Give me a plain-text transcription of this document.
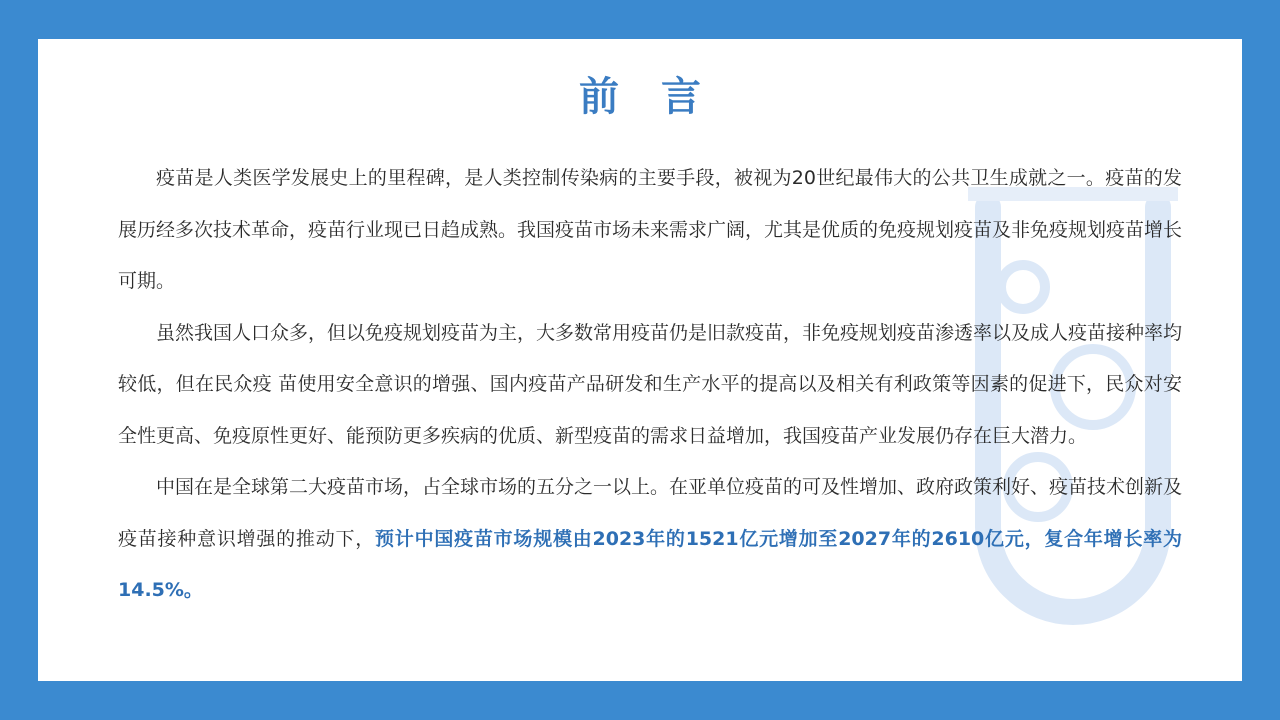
前 言

疫苗是人类医学发展史上的里程碑，是人类控制传染病的主要手段，被视为20世纪最伟大的公共卫生成就之一。疫苗的发展历经多次技术革命，疫苗行业现已日趋成熟。我国疫苗市场未来需求广阔，尤其是优质的免疫规划疫苗及非免疫规划疫苗增长可期。

虽然我国人口众多，但以免疫规划疫苗为主，大多数常用疫苗仍是旧款疫苗，非免疫规划疫苗渗透率以及成人疫苗接种率均较低，但在民众疫 苗使用安全意识的增强、国内疫苗产品研发和生产水平的提高以及相关有利政策等因素的促进下，民众对安全性更高、免疫原性更好、能预防更多疾病的优质、新型疫苗的需求日益增加，我国疫苗产业发展仍存在巨大潜力。

中国在是全球第二大疫苗市场，占全球市场的五分之一以上。在亚单位疫苗的可及性增加、政府政策利好、疫苗技术创新及疫苗接种意识增强的推动下，预计中国疫苗市场规模由2023年的1521亿元增加至2027年的2610亿元，复合年增长率为14.5%。
